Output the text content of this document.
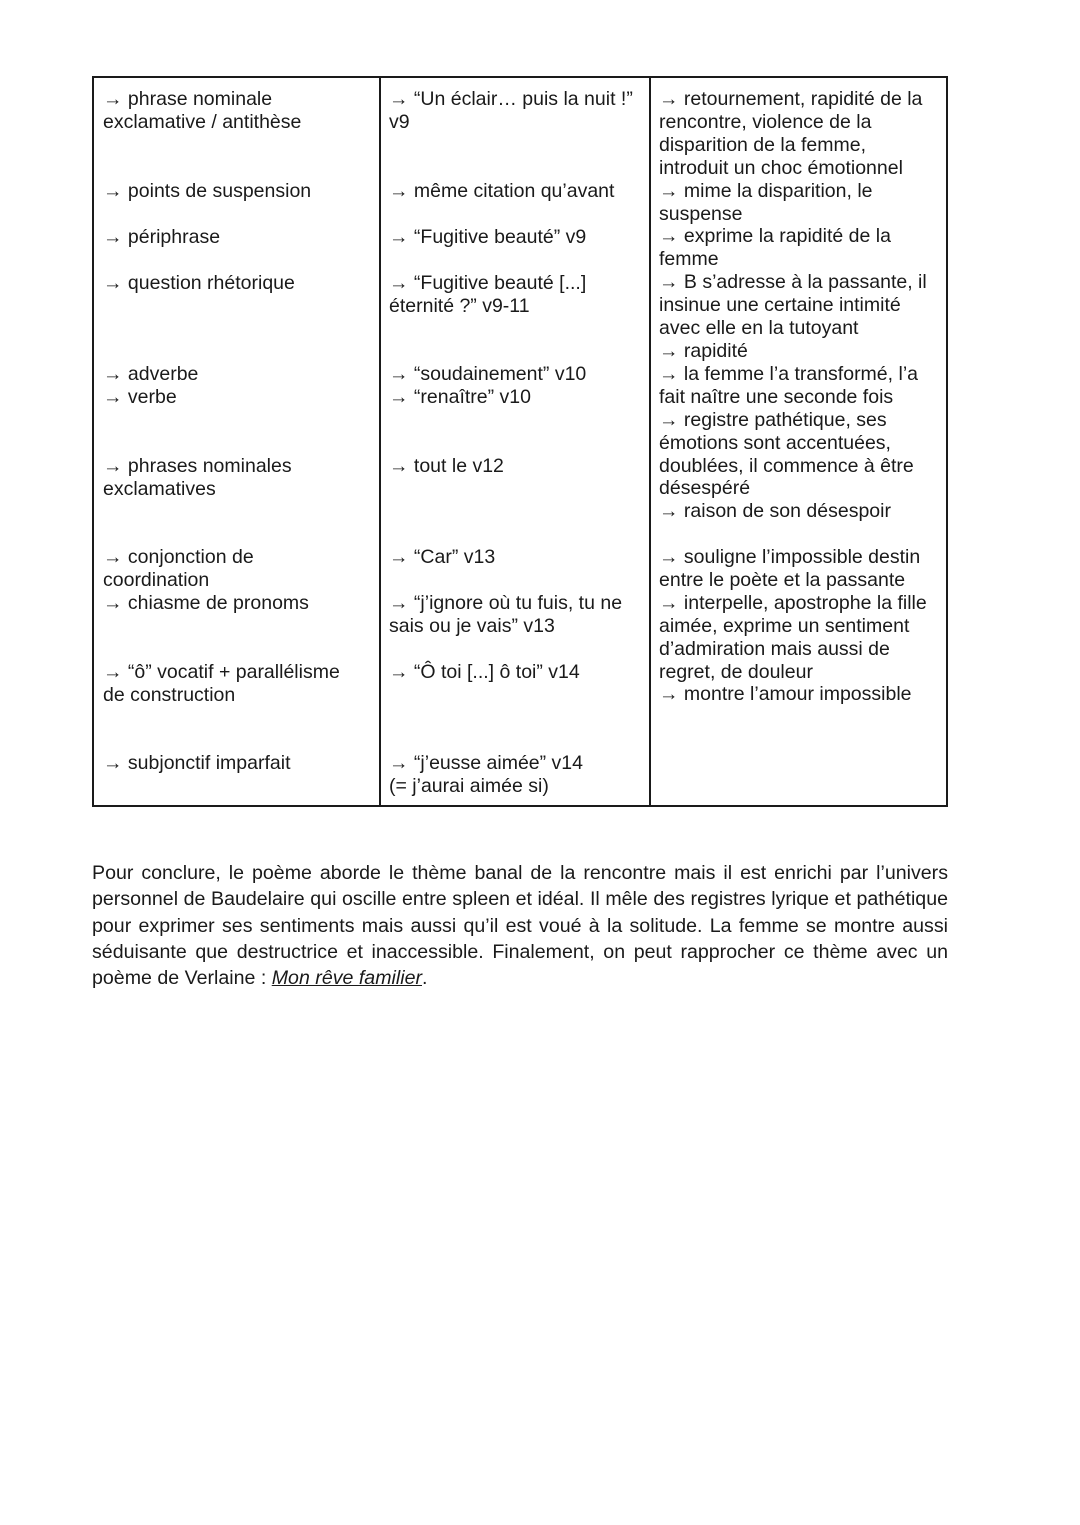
→ phrase nominale
exclamative / antithèse

→ points de suspension

→ périphrase

→ question rhétorique

→ adverbe
→ verbe

→ phrases nominales
exclamatives

→ conjonction de
coordination
→ chiasme de pronoms

→ “ô” vocatif + parallélisme
de construction

→ subjonctif imparfait

→ “Un éclair… puis la nuit !”
v9

→ même citation qu’avant

→ “Fugitive beauté” v9

→ “Fugitive beauté [...]
éternité ?” v9-11

→ “soudainement” v10
→ “renaître” v10

→ tout le v12

→ “Car” v13

→ “j’ignore où tu fuis, tu ne
sais ou je vais” v13

→ “Ô toi [...] ô toi” v14

→ “j’eusse aimée” v14
(= j’aurai aimée si)

→ retournement, rapidité de la
rencontre, violence de la
disparition de la femme,
introduit un choc émotionnel
→ mime la disparition, le
suspense
→ exprime la rapidité de la
femme
→ B s’adresse à la passante, il
insinue une certaine intimité
avec elle en la tutoyant
→ rapidité
→ la femme l’a transformé, l’a
fait naître une seconde fois
→ registre pathétique, ses
émotions sont accentuées,
doublées, il commence à être
désespéré
→ raison de son désespoir

→ souligne l’impossible destin
entre le poète et la passante
→ interpelle, apostrophe la fille
aimée, exprime un sentiment
d’admiration mais aussi de
regret, de douleur
→ montre l’amour impossible

Pour conclure, le poème aborde le thème banal de la rencontre mais il est enrichi par l’univers personnel de Baudelaire qui oscille entre spleen et idéal. Il mêle des registres lyrique et pathétique pour exprimer ses sentiments mais aussi qu’il est voué à la solitude. La femme se montre aussi séduisante que destructrice et inaccessible. Finalement, on peut rapprocher ce thème avec un poème de Verlaine : Mon rêve familier.
